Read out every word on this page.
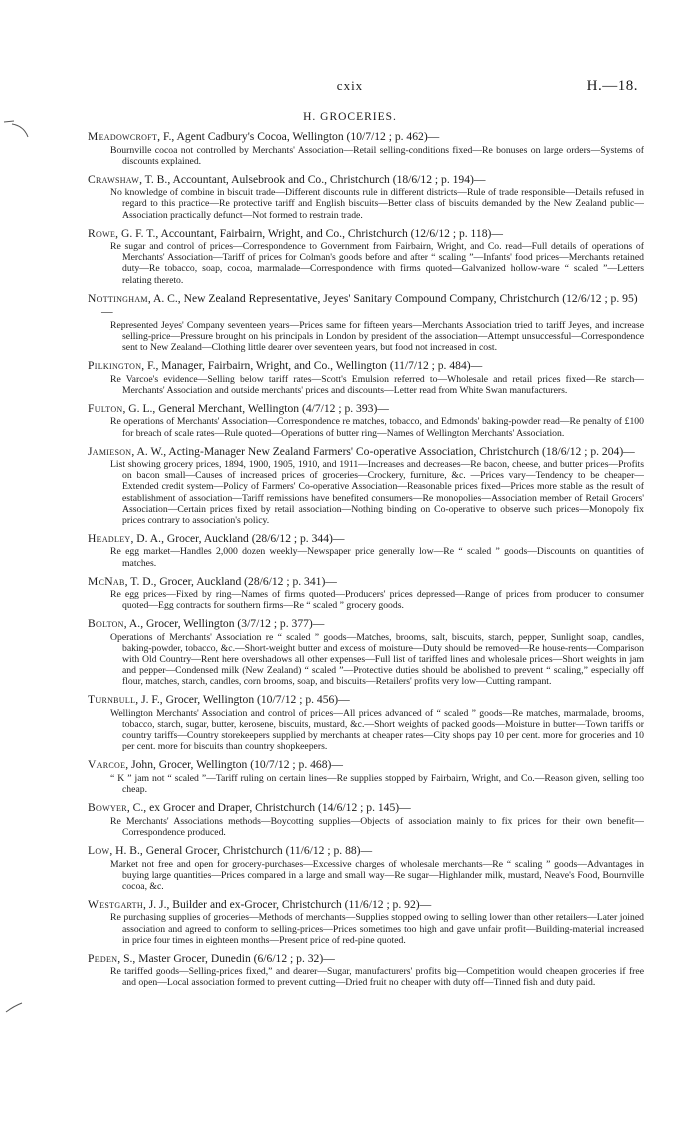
cxix	H.—18.
H. GROCERIES.
Meadowcroft, F., Agent Cadbury's Cocoa, Wellington (10/7/12 ; p. 462)—
Bournville cocoa not controlled by Merchants' Association—Retail selling-conditions fixed—Re bonuses on large orders—Systems of discounts explained.
Crawshaw, T. B., Accountant, Aulsebrook and Co., Christchurch (18/6/12 ; p. 194)—
No knowledge of combine in biscuit trade—Different discounts rule in different districts—Rule of trade responsible—Details refused in regard to this practice—Re protective tariff and English biscuits—Better class of biscuits demanded by the New Zealand public—Association practically defunct—Not formed to restrain trade.
Rowe, G. F. T., Accountant, Fairbairn, Wright, and Co., Christchurch (12/6/12 ; p. 118)—
Re sugar and control of prices—Correspondence to Government from Fairbairn, Wright, and Co. read—Full details of operations of Merchants' Association—Tariff of prices for Colman's goods before and after “ scaling ”—Infants' food prices—Merchants retained duty—Re tobacco, soap, cocoa, marmalade—Correspondence with firms quoted—Galvanized hollow-ware “ scaled ”—Letters relating thereto.
Nottingham, A. C., New Zealand Representative, Jeyes' Sanitary Compound Company, Christchurch (12/6/12 ; p. 95)—
Represented Jeyes' Company seventeen years—Prices same for fifteen years—Merchants Association tried to tariff Jeyes, and increase selling-price—Pressure brought on his principals in London by president of the association—Attempt unsuccessful—Correspondence sent to New Zealand—Clothing little dearer over seventeen years, but food not increased in cost.
Pilkington, F., Manager, Fairbairn, Wright, and Co., Wellington (11/7/12 ; p. 484)—
Re Varcoe's evidence—Selling below tariff rates—Scott's Emulsion referred to—Wholesale and retail prices fixed—Re starch—Merchants' Association and outside merchants' prices and discounts—Letter read from White Swan manufacturers.
Fulton, G. L., General Merchant, Wellington (4/7/12 ; p. 393)—
Re operations of Merchants' Association—Correspondence re matches, tobacco, and Edmonds' baking-powder read—Re penalty of £100 for breach of scale rates—Rule quoted—Operations of butter ring—Names of Wellington Merchants' Association.
Jamieson, A. W., Acting-Manager New Zealand Farmers' Co-operative Association, Christchurch (18/6/12 ; p. 204)—
List showing grocery prices, 1894, 1900, 1905, 1910, and 1911—Increases and decreases—Re bacon, cheese, and butter prices—Profits on bacon small—Causes of increased prices of groceries—Crockery, furniture, &c. —Prices vary—Tendency to be cheaper—Extended credit system—Policy of Farmers' Co-operative Association—Reasonable prices fixed—Prices more stable as the result of establishment of association—Tariff remissions have benefited consumers—Re monopolies—Association member of Retail Grocers' Association—Certain prices fixed by retail association—Nothing binding on Co-operative to observe such prices—Monopoly fix prices contrary to association's policy.
Headley, D. A., Grocer, Auckland (28/6/12 ; p. 344)—
Re egg market—Handles 2,000 dozen weekly—Newspaper price generally low—Re “ scaled ” goods—Discounts on quantities of matches.
McNab, T. D., Grocer, Auckland (28/6/12 ; p. 341)—
Re egg prices—Fixed by ring—Names of firms quoted—Producers' prices depressed—Range of prices from producer to consumer quoted—Egg contracts for southern firms—Re “ scaled ” grocery goods.
Bolton, A., Grocer, Wellington (3/7/12 ; p. 377)—
Operations of Merchants' Association re “ scaled ” goods—Matches, brooms, salt, biscuits, starch, pepper, Sunlight soap, candles, baking-powder, tobacco, &c.—Short-weight butter and excess of moisture—Duty should be removed—Re house-rents—Comparison with Old Country—Rent here overshadows all other expenses—Full list of tariffed lines and wholesale prices—Short weights in jam and pepper—Condensed milk (New Zealand) “ scaled ”—Protective duties should be abolished to prevent “ scaling,” especially off flour, matches, starch, candles, corn brooms, soap, and biscuits—Retailers' profits very low—Cutting rampant.
Turnbull, J. F., Grocer, Wellington (10/7/12 ; p. 456)—
Wellington Merchants' Association and control of prices—All prices advanced of “ scaled ” goods—Re matches, marmalade, brooms, tobacco, starch, sugar, butter, kerosene, biscuits, mustard, &c.—Short weights of packed goods—Moisture in butter—Town tariffs or country tariffs—Country storekeepers supplied by merchants at cheaper rates—City shops pay 10 per cent. more for groceries and 10 per cent. more for biscuits than country shopkeepers.
Varcoe, John, Grocer, Wellington (10/7/12 ; p. 468)—
“ K ” jam not “ scaled ”—Tariff ruling on certain lines—Re supplies stopped by Fairbairn, Wright, and Co.—Reason given, selling too cheap.
Bowyer, C., ex Grocer and Draper, Christchurch (14/6/12 ; p. 145)—
Re Merchants' Associations methods—Boycotting supplies—Objects of association mainly to fix prices for their own benefit—Correspondence produced.
Low, H. B., General Grocer, Christchurch (11/6/12 ; p. 88)—
Market not free and open for grocery-purchases—Excessive charges of wholesale merchants—Re “ scaling ” goods—Advantages in buying large quantities—Prices compared in a large and small way—Re sugar—Highlander milk, mustard, Neave's Food, Bournville cocoa, &c.
Westgarth, J. J., Builder and ex-Grocer, Christchurch (11/6/12 ; p. 92)—
Re purchasing supplies of groceries—Methods of merchants—Supplies stopped owing to selling lower than other retailers—Later joined association and agreed to conform to selling-prices—Prices sometimes too high and gave unfair profit—Building-material increased in price four times in eighteen months—Present price of red-pine quoted.
Peden, S., Master Grocer, Dunedin (6/6/12 ; p. 32)—
Re tariffed goods—Selling-prices fixed,” and dearer—Sugar, manufacturers' profits big—Competition would cheapen groceries if free and open—Local association formed to prevent cutting—Dried fruit no cheaper with duty off—Tinned fish and duty paid.
